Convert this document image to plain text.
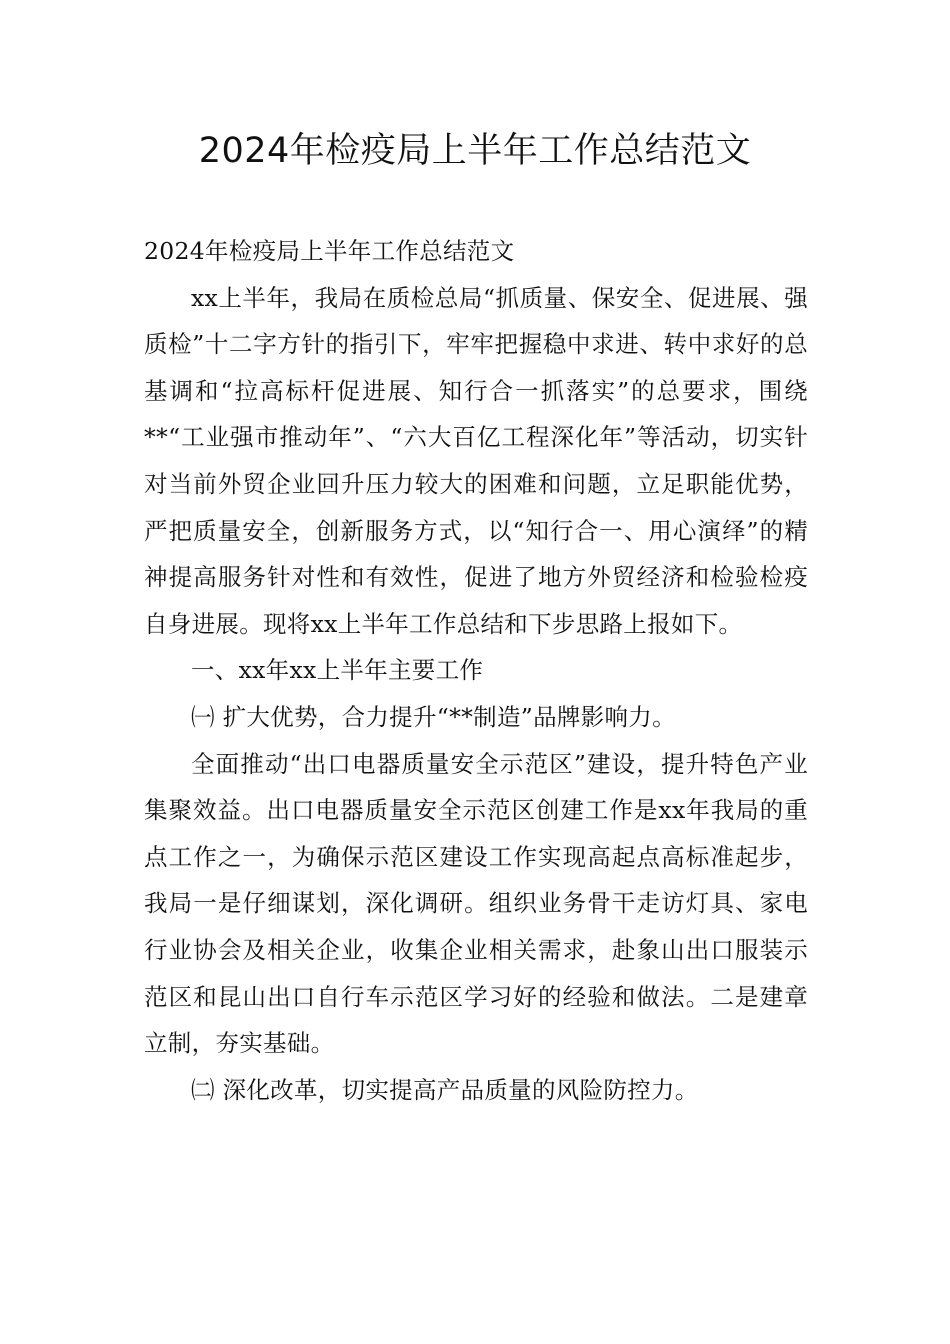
2024年检疫局上半年工作总结范文

2024年检疫局上半年工作总结范文

xx上半年，我局在质检总局“抓质量、保安全、促进展、强质检”十二字方针的指引下，牢牢把握稳中求进、转中求好的总基调和“拉高标杆促进展、知行合一抓落实”的总要求，围绕**“工业强市推动年”、“六大百亿工程深化年”等活动，切实针对当前外贸企业回升压力较大的困难和问题，立足职能优势，严把质量安全，创新服务方式，以“知行合一、用心演绎”的精神提高服务针对性和有效性，促进了地方外贸经济和检验检疫自身进展。现将xx上半年工作总结和下步思路上报如下。

一、xx年xx上半年主要工作

㈠ 扩大优势，合力提升“**制造”品牌影响力。

全面推动“出口电器质量安全示范区”建设，提升特色产业集聚效益。出口电器质量安全示范区创建工作是xx年我局的重点工作之一，为确保示范区建设工作实现高起点高标准起步，我局一是仔细谋划，深化调研。组织业务骨干走访灯具、家电行业协会及相关企业，收集企业相关需求，赴象山出口服装示范区和昆山出口自行车示范区学习好的经验和做法。二是建章立制，夯实基础。

㈡ 深化改革，切实提高产品质量的风险防控力。
